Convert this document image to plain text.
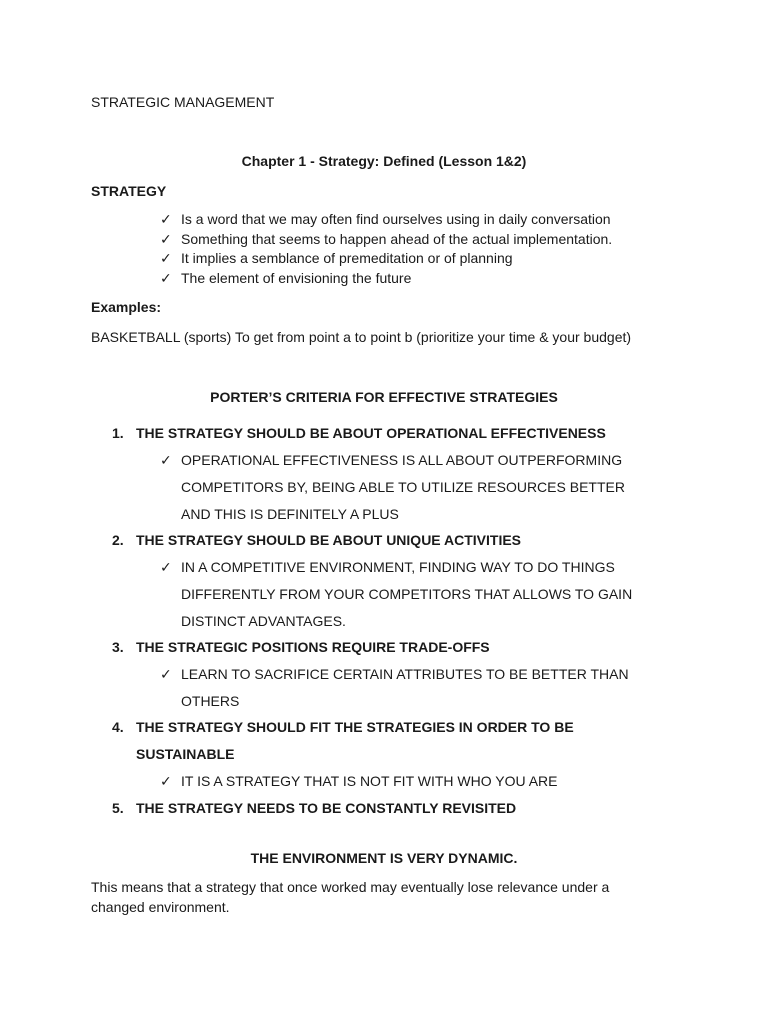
STRATEGIC MANAGEMENT
Chapter 1 - Strategy: Defined (Lesson 1&2)
STRATEGY
✓ Is a word that we may often find ourselves using in daily conversation
✓ Something that seems to happen ahead of the actual implementation.
✓ It implies a semblance of premeditation or of planning
✓ The element of envisioning the future
Examples:
BASKETBALL (sports) To get from point a to point b (prioritize your time & your budget)
PORTER’S CRITERIA FOR EFFECTIVE STRATEGIES
1. THE STRATEGY SHOULD BE ABOUT OPERATIONAL EFFECTIVENESS
✓ OPERATIONAL EFFECTIVENESS IS ALL ABOUT OUTPERFORMING
COMPETITORS BY, BEING ABLE TO UTILIZE RESOURCES BETTER
AND THIS IS DEFINITELY A PLUS
2. THE STRATEGY SHOULD BE ABOUT UNIQUE ACTIVITIES
✓ IN A COMPETITIVE ENVIRONMENT, FINDING WAY TO DO THINGS
DIFFERENTLY FROM YOUR COMPETITORS THAT ALLOWS TO GAIN
DISTINCT ADVANTAGES.
3. THE STRATEGIC POSITIONS REQUIRE TRADE-OFFS
✓ LEARN TO SACRIFICE CERTAIN ATTRIBUTES TO BE BETTER THAN
OTHERS
4. THE STRATEGY SHOULD FIT THE STRATEGIES IN ORDER TO BE
SUSTAINABLE
✓ IT IS A STRATEGY THAT IS NOT FIT WITH WHO YOU ARE
5. THE STRATEGY NEEDS TO BE CONSTANTLY REVISITED
THE ENVIRONMENT IS VERY DYNAMIC.
This means that a strategy that once worked may eventually lose relevance under a
changed environment.
